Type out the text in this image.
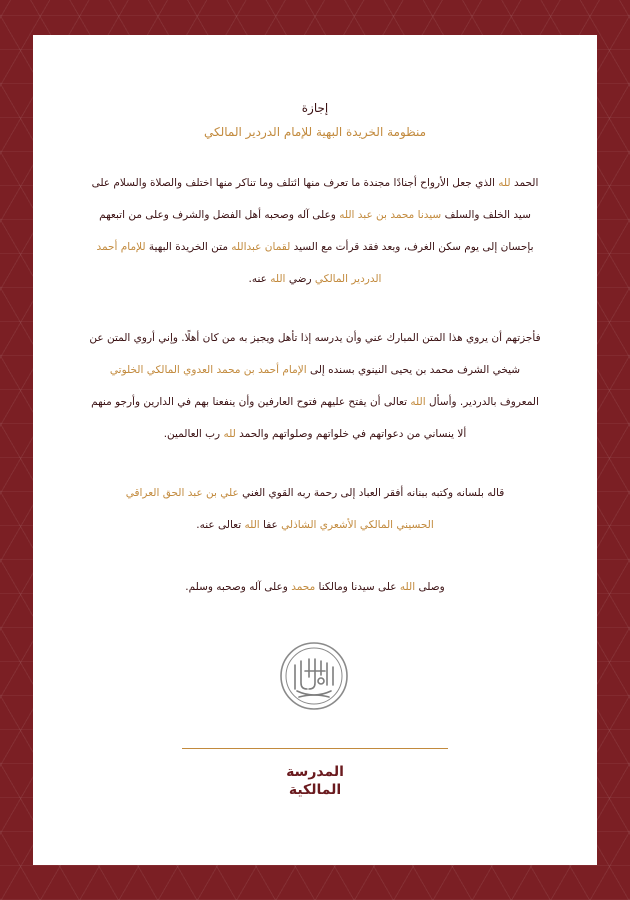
إجازة
منظومة الخريدة البهية للإمام الدردير المالكي
الحمد لله الذي جعل الأرواح أجنادًا مجندة ما تعرف منها ائتلف وما تناكر منها اختلف والصلاة والسلام على
سيد الخلف والسلف سيدنا محمد بن عبد الله وعلى آله وصحبه أهل الفضل والشرف وعلى من اتبعهم
بإحسان إلى يوم سكن الغرف، وبعد فقد قرأت مع السيد لقمان عبدالله متن الخريدة البهية للإمام أحمد
الدردير المالكي رضي الله عنه.
فأجزتهم أن يروي هذا المتن المبارك عني وأن يدرسه إذا تأهل ويجيز به من كان أهلًا. وإني أروي المتن عن
شيخي الشرف محمد بن يحيى النينوي بسنده إلى الإمام أحمد بن محمد العدوي المالكي الخلوتي
المعروف بالدردير. وأسأل الله تعالى أن يفتح عليهم فتوح العارفين وأن ينفعنا بهم في الدارين وأرجو منهم
ألا ينساني من دعواتهم في خلواتهم وصلواتهم والحمد لله رب العالمين.
قاله بلسانه وكتبه ببنانه أفقر العباد إلى رحمة ربه القوي الغني علي بن عبد الحق العراقي
الحسيني المالكي الأشعري الشاذلي عفا الله تعالى عنه.
وصلى الله على سيدنا ومالكنا محمد وعلى آله وصحبه وسلم.
المدرسة
المالكية
